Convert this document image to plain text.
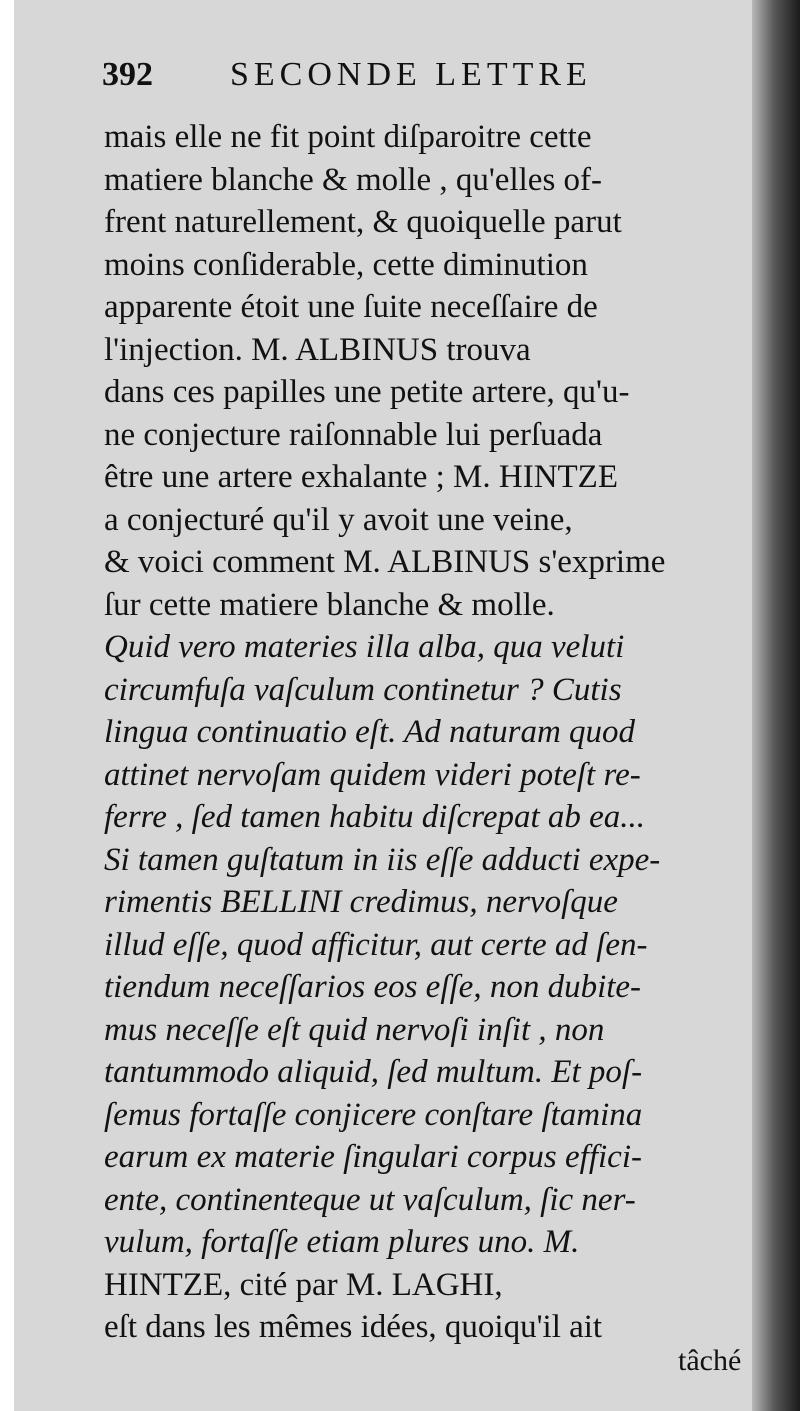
392 SECONDE LETTRE
mais elle ne fit point diſparoitre cette
matiere blanche & molle , qu'elles of-
frent naturellement, & quoiquelle parut
moins conſiderable, cette diminution
apparente étoit une ſuite neceſſaire de
l'injection. M. ALBINUS trouva
dans ces papilles une petite artere, qu'u-
ne conjecture raiſonnable lui perſuada
être une artere exhalante ; M. HINTZE
a conjecturé qu'il y avoit une veine,
& voici comment M. ALBINUS s'exprime
ſur cette matiere blanche & molle.
Quid vero materies illa alba, qua veluti
circumfuſa vaſculum continetur ? Cutis
lingua continuatio eſt. Ad naturam quod
attinet nervoſam quidem videri poteſt re-
ferre , ſed tamen habitu diſcrepat ab ea...
Si tamen guſtatum in iis eſſe adducti expe-
rimentis BELLINI credimus, nervoſque
illud eſſe, quod afficitur, aut certe ad ſen-
tiendum neceſſarios eos eſſe, non dubite-
mus neceſſe eſt quid nervoſi inſit , non
tantummodo aliquid, ſed multum. Et poſ-
ſemus fortaſſe conjicere conſtare ſtamina
earum ex materie ſingulari corpus effici-
ente, continenteque ut vaſculum, ſic ner-
vulum, fortaſſe etiam plures uno. M.
HINTZE, cité par M. LAGHI,
eſt dans les mêmes idées, quoiqu'il ait
tâché
